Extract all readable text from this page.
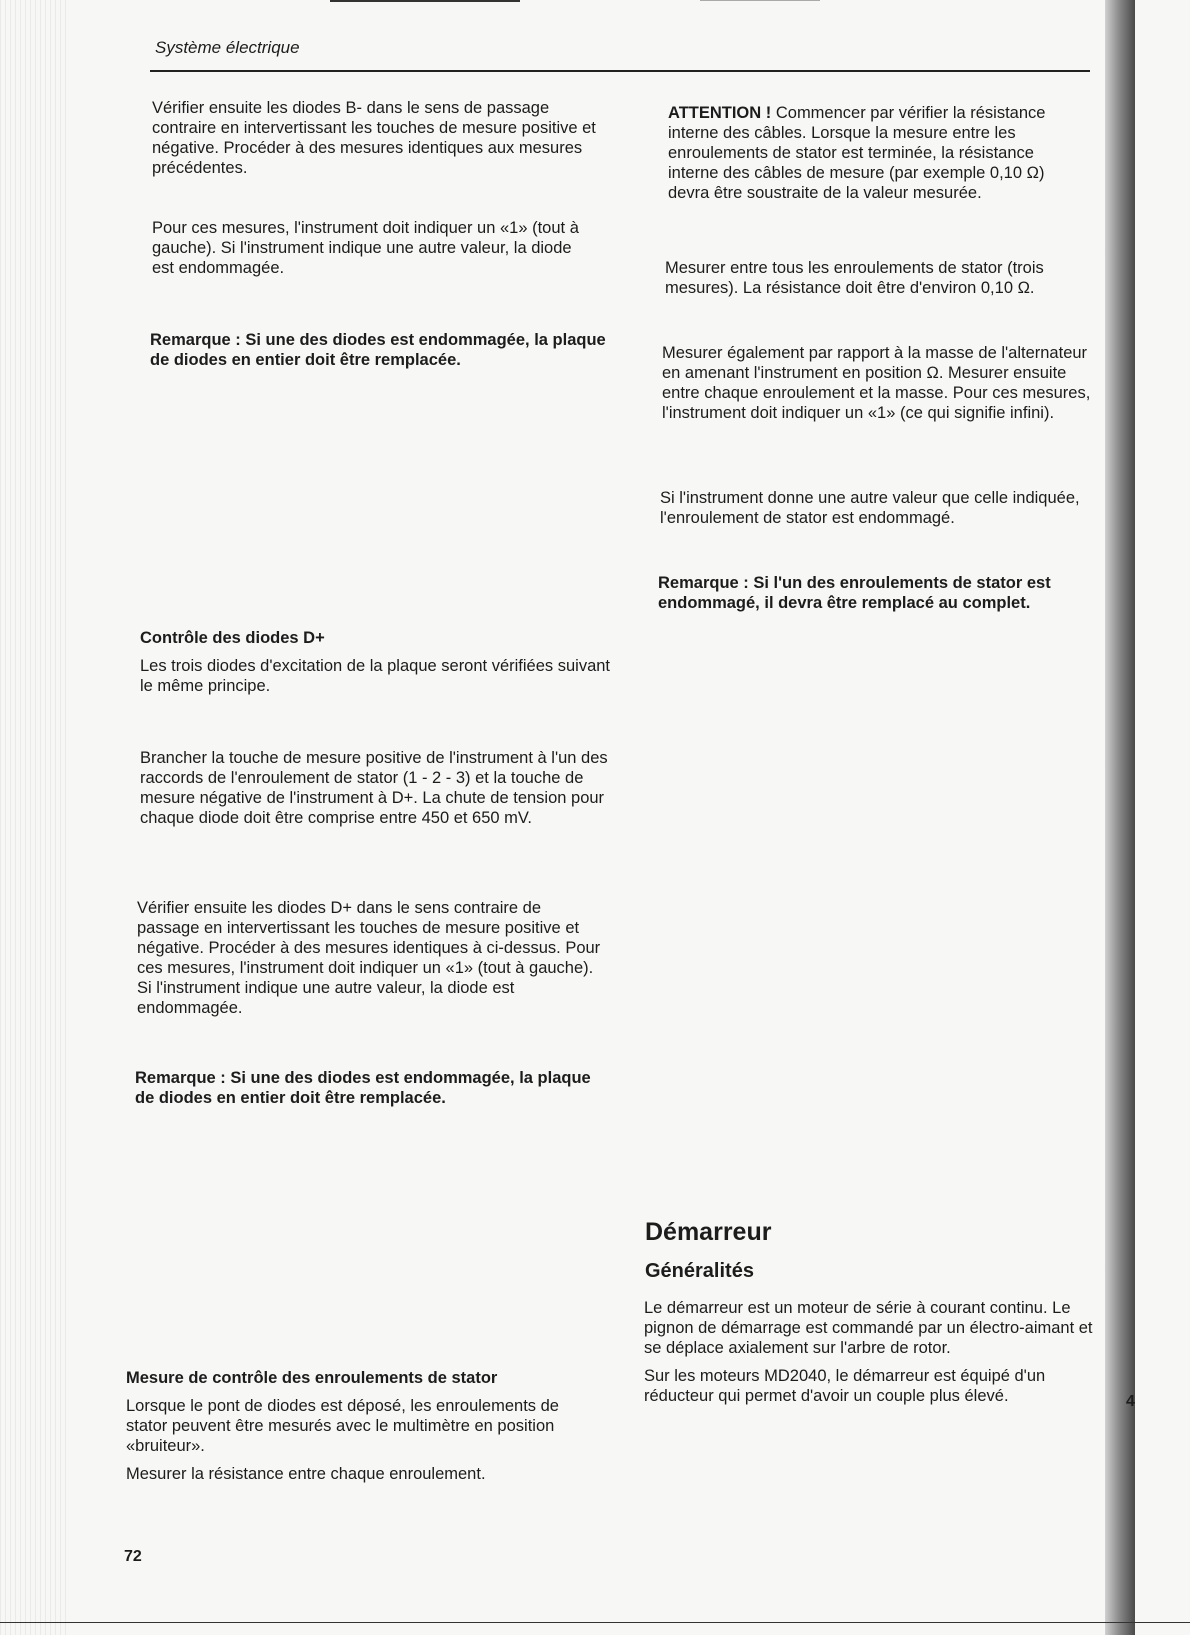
Système électrique

Vérifier ensuite les diodes B- dans le sens de passage contraire en intervertissant les touches de mesure positive et négative. Procéder à des mesures identiques aux mesures précédentes.

Pour ces mesures, l'instrument doit indiquer un «1» (tout à gauche). Si l'instrument indique une autre valeur, la diode est endommagée.

Remarque : Si une des diodes est endommagée, la plaque de diodes en entier doit être remplacée.

Contrôle des diodes D+

Les trois diodes d'excitation de la plaque seront vérifiées suivant le même principe.

Brancher la touche de mesure positive de l'instrument à l'un des raccords de l'enroulement de stator (1 - 2 - 3) et la touche de mesure négative de l'instrument à D+. La chute de tension pour chaque diode doit être comprise entre 450 et 650 mV.

Vérifier ensuite les diodes D+ dans le sens contraire de passage en intervertissant les touches de mesure positive et négative. Procéder à des mesures identiques à ci-dessus. Pour ces mesures, l'instrument doit indiquer un «1» (tout à gauche). Si l'instrument indique une autre valeur, la diode est endommagée.

Remarque : Si une des diodes est endommagée, la plaque de diodes en entier doit être remplacée.

Mesure de contrôle des enroulements de stator

Lorsque le pont de diodes est déposé, les enroulements de stator peuvent être mesurés avec le multimètre en position «bruiteur».

Mesurer la résistance entre chaque enroulement.

ATTENTION ! Commencer par vérifier la résistance interne des câbles. Lorsque la mesure entre les enroulements de stator est terminée, la résistance interne des câbles de mesure (par exemple 0,10 Ω) devra être soustraite de la valeur mesurée.

Mesurer entre tous les enroulements de stator (trois mesures). La résistance doit être d'environ 0,10 Ω.

Mesurer également par rapport à la masse de l'alternateur en amenant l'instrument en position Ω. Mesurer ensuite entre chaque enroulement et la masse. Pour ces mesures, l'instrument doit indiquer un «1» (ce qui signifie infini).

Si l'instrument donne une autre valeur que celle indiquée, l'enroulement de stator est endommagé.

Remarque : Si l'un des enroulements de stator est endommagé, il devra être remplacé au complet.

Démarreur
Généralités

Le démarreur est un moteur de série à courant continu. Le pignon de démarrage est commandé par un électro-aimant et se déplace axialement sur l'arbre de rotor.

Sur les moteurs MD2040, le démarreur est équipé d'un réducteur qui permet d'avoir un couple plus élevé.

72
4
